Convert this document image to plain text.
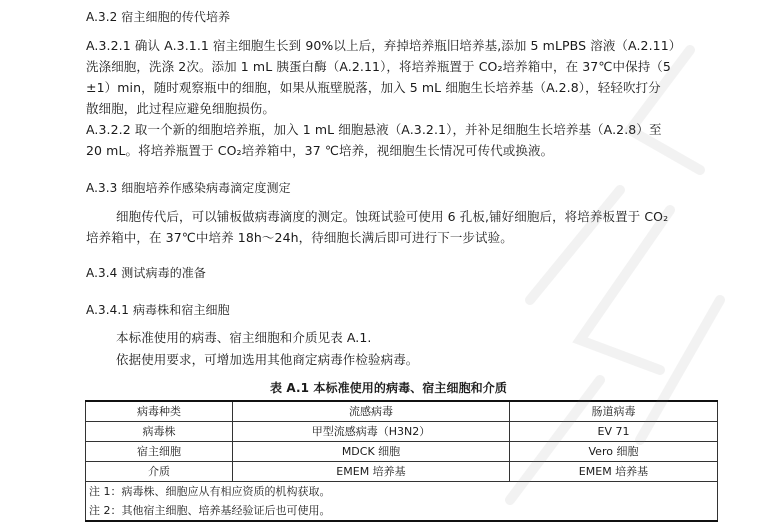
A.3.2 宿主细胞的传代培养
A.3.2.1 确认 A.3.1.1 宿主细胞生长到 90%以上后，弃掉培养瓶旧培养基,添加 5 mLPBS 溶液（A.2.11）
洗涤细胞，洗涤 2次。添加 1 mL 胰蛋白酶（A.2.11），将培养瓶置于 CO₂培养箱中，在 37℃中保持（5
±1）min，随时观察瓶中的细胞，如果从瓶壁脱落，加入 5 mL 细胞生长培养基（A.2.8），轻轻吹打分
散细胞，此过程应避免细胞损伤。
A.3.2.2 取一个新的细胞培养瓶，加入 1 mL 细胞悬液（A.3.2.1），并补足细胞生长培养基（A.2.8）至
20 mL。将培养瓶置于 CO₂培养箱中，37 ℃培养，视细胞生长情况可传代或换液。
A.3.3 细胞培养作感染病毒滴定度测定
细胞传代后，可以铺板做病毒滴度的测定。蚀斑试验可使用 6 孔板,铺好细胞后，将培养板置于 CO₂
培养箱中，在 37℃中培养 18h～24h，待细胞长满后即可进行下一步试验。
A.3.4 测试病毒的准备
A.3.4.1 病毒株和宿主细胞
本标准使用的病毒、宿主细胞和介质见表 A.1.
依据使用要求，可增加选用其他商定病毒作检验病毒。
表 A.1 本标准使用的病毒、宿主细胞和介质
病毒种类	流感病毒	肠道病毒
病毒株	甲型流感病毒（H3N2）	EV 71
宿主细胞	MDCK 细胞	Vero 细胞
介质	EMEM 培养基	EMEM 培养基
注 1：病毒株、细胞应从有相应资质的机构获取。		
注 2：其他宿主细胞、培养基经验证后也可使用。		
